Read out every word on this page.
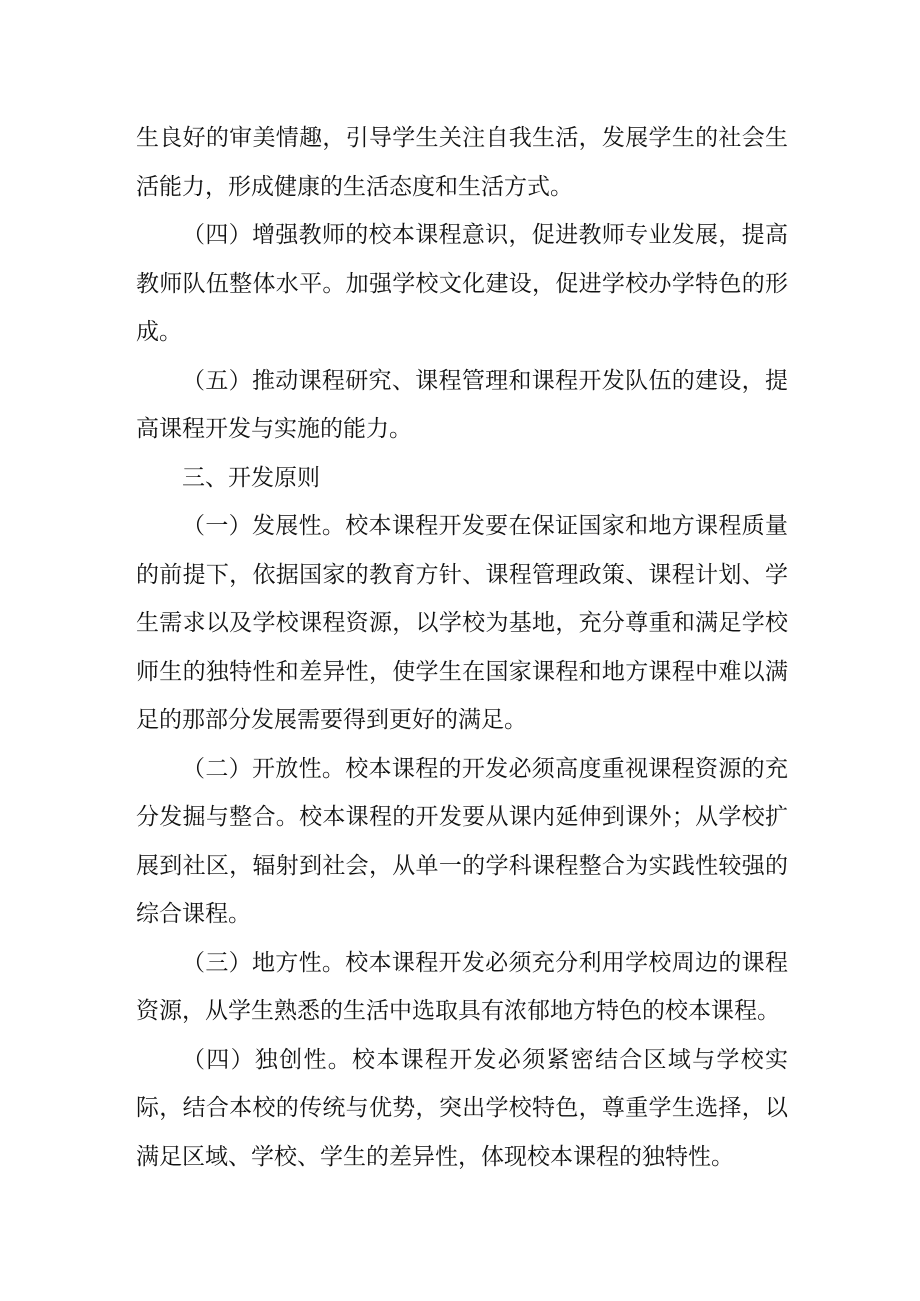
生良好的审美情趣，引导学生关注自我生活，发展学生的社会生活能力，形成健康的生活态度和生活方式。

（四）增强教师的校本课程意识，促进教师专业发展，提高教师队伍整体水平。加强学校文化建设，促进学校办学特色的形成。

（五）推动课程研究、课程管理和课程开发队伍的建设，提高课程开发与实施的能力。

三、开发原则

（一）发展性。校本课程开发要在保证国家和地方课程质量的前提下，依据国家的教育方针、课程管理政策、课程计划、学生需求以及学校课程资源，以学校为基地，充分尊重和满足学校师生的独特性和差异性，使学生在国家课程和地方课程中难以满足的那部分发展需要得到更好的满足。

（二）开放性。校本课程的开发必须高度重视课程资源的充分发掘与整合。校本课程的开发要从课内延伸到课外；从学校扩展到社区，辐射到社会，从单一的学科课程整合为实践性较强的综合课程。

（三）地方性。校本课程开发必须充分利用学校周边的课程资源，从学生熟悉的生活中选取具有浓郁地方特色的校本课程。

（四）独创性。校本课程开发必须紧密结合区域与学校实际，结合本校的传统与优势，突出学校特色，尊重学生选择，以满足区域、学校、学生的差异性，体现校本课程的独特性。
